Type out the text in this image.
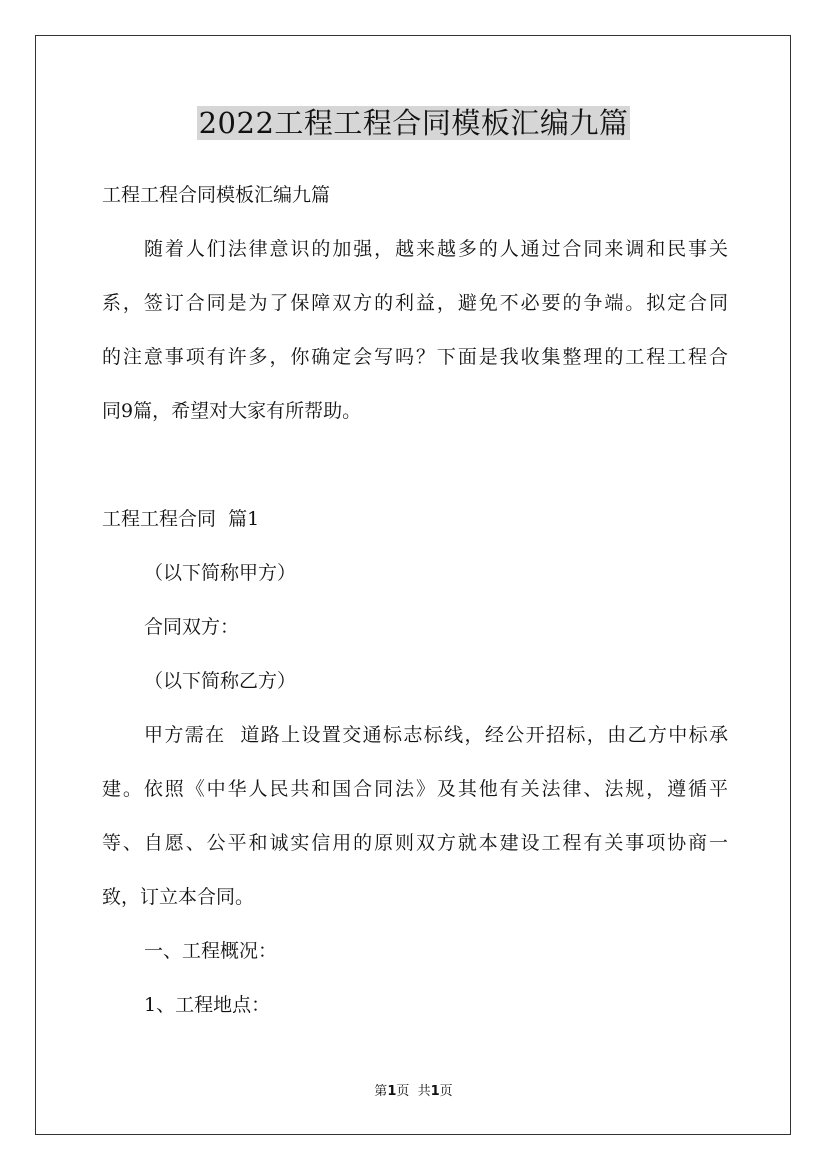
2022工程工程合同模板汇编九篇
工程工程合同模板汇编九篇
随着人们法律意识的加强，越来越多的人通过合同来调和民事关
系，签订合同是为了保障双方的利益，避免不必要的争端。拟定合同
的注意事项有许多，你确定会写吗？下面是我收集整理的工程工程合
同9篇，希望对大家有所帮助。
工程工程合同  篇1
（以下简称甲方）
合同双方：
（以下简称乙方）
甲方需在  道路上设置交通标志标线，经公开招标，由乙方中标承
建。依照《中华人民共和国合同法》及其他有关法律、法规，遵循平
等、自愿、公平和诚实信用的原则双方就本建设工程有关事项协商一
致，订立本合同。
一、工程概况：
1、工程地点：
第1页  共1页
